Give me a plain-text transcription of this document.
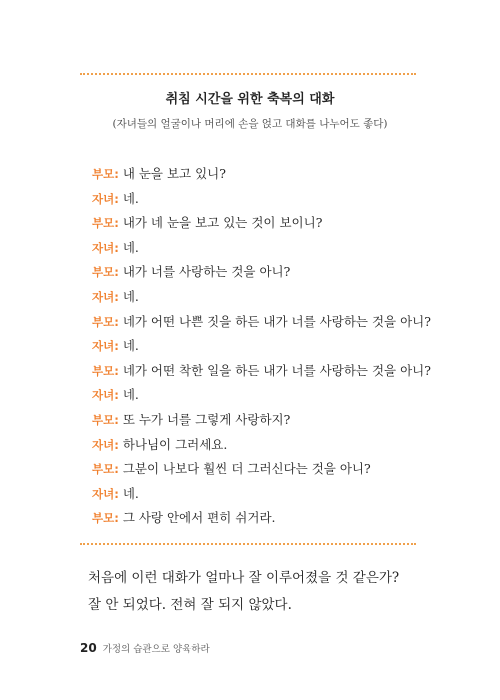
취침 시간을 위한 축복의 대화
(자녀들의 얼굴이나 머리에 손을 얹고 대화를 나누어도 좋다)
부모: 내 눈을 보고 있니?
자녀: 네.
부모: 내가 네 눈을 보고 있는 것이 보이니?
자녀: 네.
부모: 내가 너를 사랑하는 것을 아니?
자녀: 네.
부모: 네가 어떤 나쁜 짓을 하든 내가 너를 사랑하는 것을 아니?
자녀: 네.
부모: 네가 어떤 착한 일을 하든 내가 너를 사랑하는 것을 아니?
자녀: 네.
부모: 또 누가 너를 그렇게 사랑하지?
자녀: 하나님이 그러세요.
부모: 그분이 나보다 훨씬 더 그러신다는 것을 아니?
자녀: 네.
부모: 그 사랑 안에서 편히 쉬거라.

처음에 이런 대화가 얼마나 잘 이루어졌을 것 같은가?

잘 안 되었다. 전혀 잘 되지 않았다.

20 가정의 습관으로 양육하라
